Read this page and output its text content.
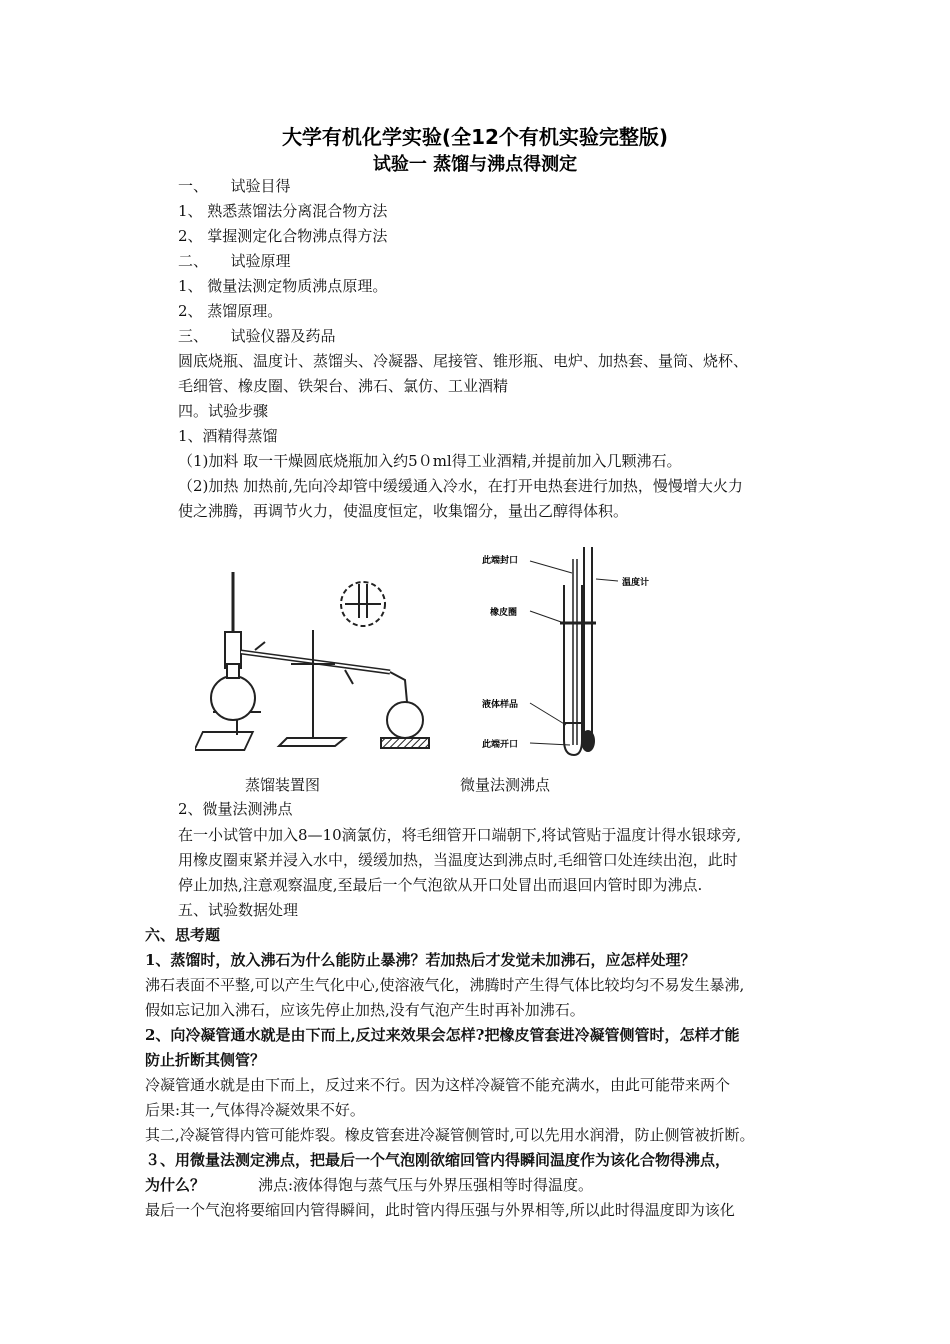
大学有机化学实验(全12个有机实验完整版)
试验一 蒸馏与沸点得测定
一、　　试验目得
1、 熟悉蒸馏法分离混合物方法
2、 掌握测定化合物沸点得方法
二、　　试验原理
1、 微量法测定物质沸点原理。
2、 蒸馏原理。
三、　　试验仪器及药品
圆底烧瓶、温度计、蒸馏头、冷凝器、尾接管、锥形瓶、电炉、加热套、量筒、烧杯、
毛细管、橡皮圈、铁架台、沸石、氯仿、工业酒精
四。试验步骤
1、酒精得蒸馏
（1)加料 取一干燥圆底烧瓶加入约5０ml得工业酒精,并提前加入几颗沸石。
（2)加热 加热前,先向冷却管中缓缓通入冷水，在打开电热套进行加热，慢慢增大火力
使之沸腾，再调节火力，使温度恒定，收集馏分，量出乙醇得体积。
此端封口
温度计
橡皮圈
液体样品
此端开口
蒸馏装置图	微量法测沸点
2、微量法测沸点
在一小试管中加入8—10滴氯仿，将毛细管开口端朝下,将试管贴于温度计得水银球旁,
用橡皮圈束紧并浸入水中，缓缓加热，当温度达到沸点时,毛细管口处连续出泡，此时
停止加热,注意观察温度,至最后一个气泡欲从开口处冒出而退回内管时即为沸点.
五、试验数据处理
六、思考题
1、蒸馏时，放入沸石为什么能防止暴沸？若加热后才发觉未加沸石，应怎样处理？
沸石表面不平整,可以产生气化中心,使溶液气化，沸腾时产生得气体比较均匀不易发生暴沸,
假如忘记加入沸石，应该先停止加热,没有气泡产生时再补加沸石。
2、向冷凝管通水就是由下而上,反过来效果会怎样?把橡皮管套进冷凝管侧管时，怎样才能
防止折断其侧管？
冷凝管通水就是由下而上，反过来不行。因为这样冷凝管不能充满水，由此可能带来两个
后果:其一,气体得冷凝效果不好。
其二,冷凝管得内管可能炸裂。橡皮管套进冷凝管侧管时,可以先用水润滑，防止侧管被折断。
３、用微量法测定沸点，把最后一个气泡刚欲缩回管内得瞬间温度作为该化合物得沸点，
为什么？	沸点:液体得饱与蒸气压与外界压强相等时得温度。
最后一个气泡将要缩回内管得瞬间，此时管内得压强与外界相等,所以此时得温度即为该化
